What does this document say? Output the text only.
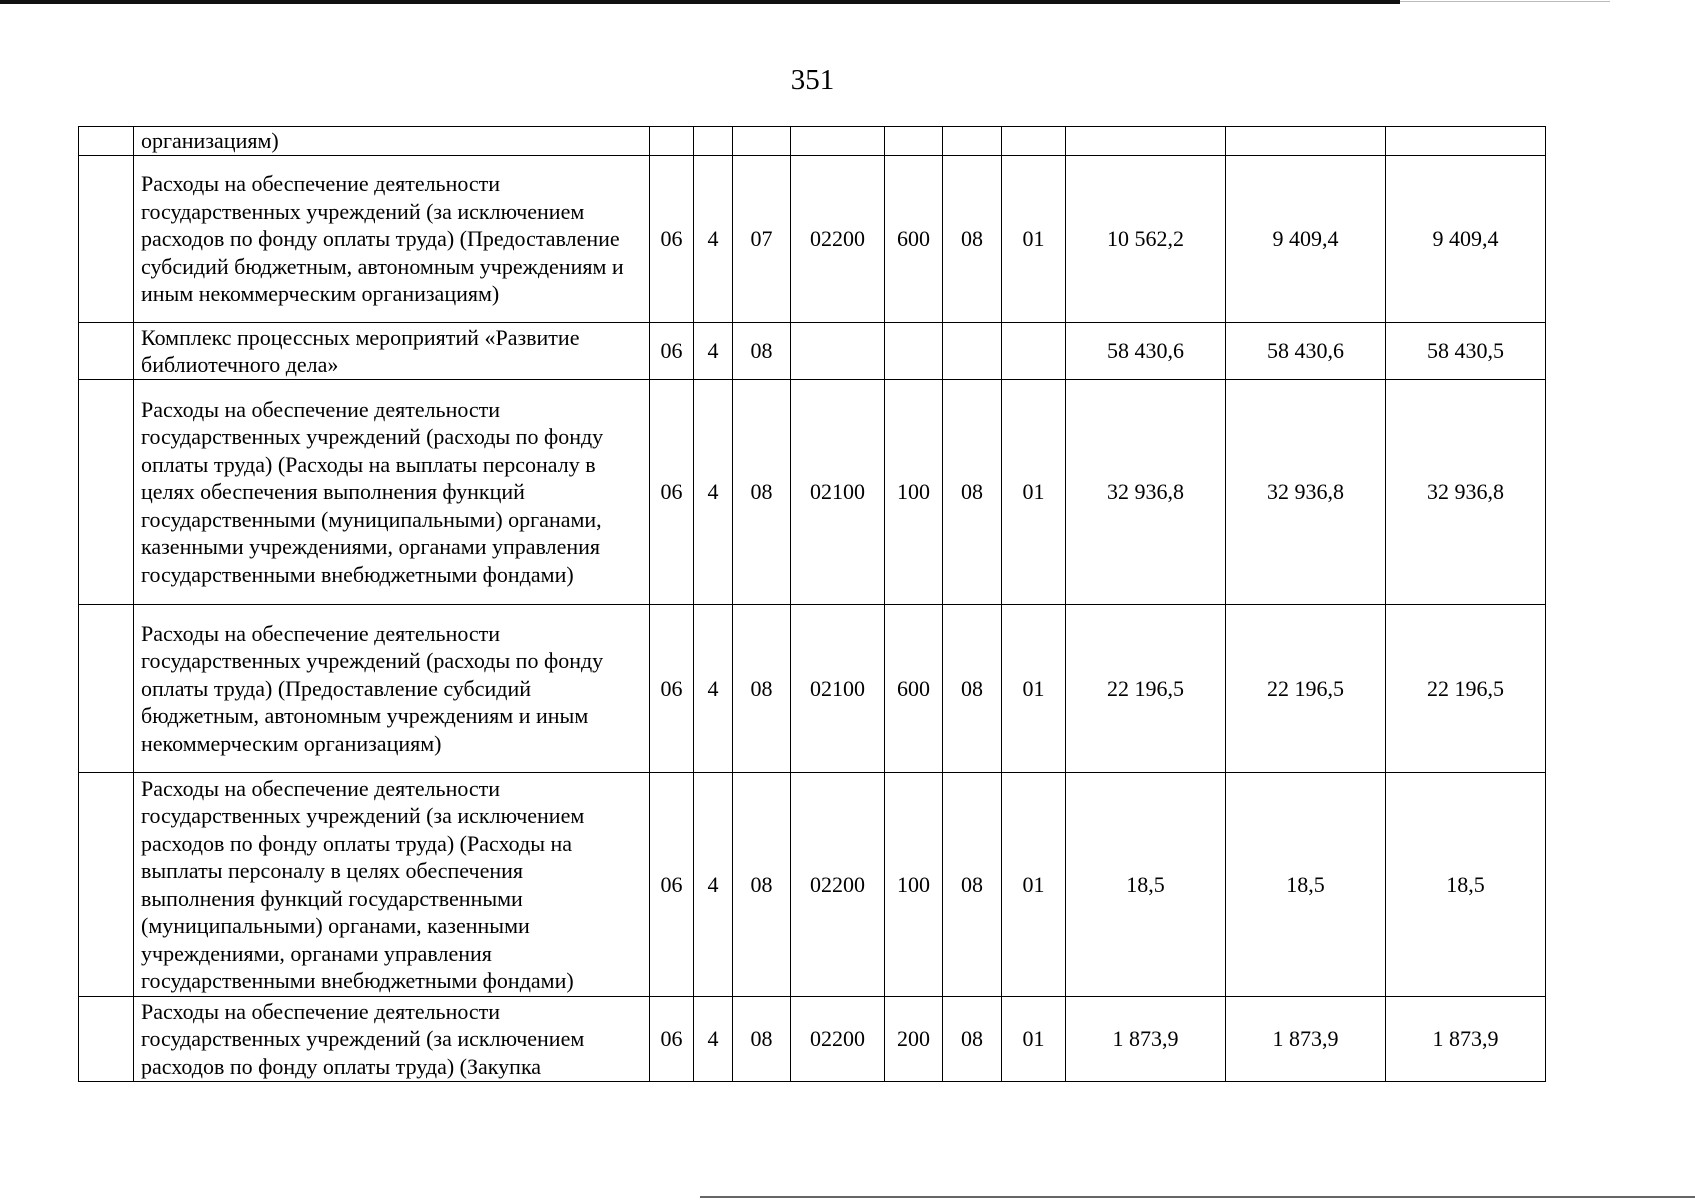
351
	организациям)										
	Расходы на обеспечение деятельности государственных учреждений (за исключением расходов по фонду оплаты труда) (Предоставление субсидий бюджетным, автономным учреждениям и иным некоммерческим организациям)	06	4	07	02200	600	08	01	10 562,2	9 409,4	9 409,4
	Комплекс процессных мероприятий «Развитие библиотечного дела»	06	4	08					58 430,6	58 430,6	58 430,5
	Расходы на обеспечение деятельности государственных учреждений (расходы по фонду оплаты труда) (Расходы на выплаты персоналу в целях обеспечения выполнения функций государственными (муниципальными) органами, казенными учреждениями, органами управления государственными внебюджетными фондами)	06	4	08	02100	100	08	01	32 936,8	32 936,8	32 936,8
	Расходы на обеспечение деятельности государственных учреждений (расходы по фонду оплаты труда) (Предоставление субсидий бюджетным, автономным учреждениям и иным некоммерческим организациям)	06	4	08	02100	600	08	01	22 196,5	22 196,5	22 196,5
	Расходы на обеспечение деятельности государственных учреждений (за исключением расходов по фонду оплаты труда) (Расходы на выплаты персоналу в целях обеспечения выполнения функций государственными (муниципальными) органами, казенными учреждениями, органами управления государственными внебюджетными фондами)	06	4	08	02200	100	08	01	18,5	18,5	18,5
	Расходы на обеспечение деятельности государственных учреждений (за исключением расходов по фонду оплаты труда) (Закупка	06	4	08	02200	200	08	01	1 873,9	1 873,9	1 873,9
